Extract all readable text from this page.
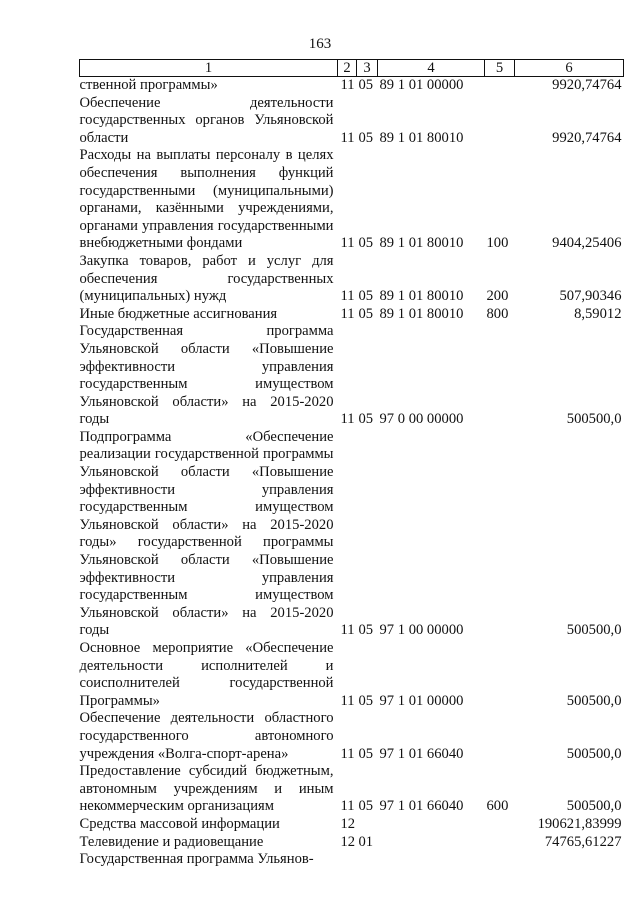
163
1	2	3	4	5	6
ственной программы»	11	05	89 1 01 00000		9920,74764
Обеспечение деятельности государственных органов Ульяновской области	11	05	89 1 01 80010		9920,74764
Расходы на выплаты персоналу в целях обеспечения выполнения функций государственными (муниципальными) органами, казёнными учреждениями, органами управления государственными внебюджетными фондами	11	05	89 1 01 80010	100	9404,25406
Закупка товаров, работ и услуг для обеспечения государственных (муниципальных) нужд	11	05	89 1 01 80010	200	507,90346
Иные бюджетные ассигнования	11	05	89 1 01 80010	800	8,59012
Государственная программа Ульяновской области «Повышение эффективности управления государственным имуществом Ульяновской области» на 2015-2020 годы	11	05	97 0 00 00000		500500,0
Подпрограмма «Обеспечение реализации государственной программы Ульяновской области «Повышение эффективности управления государственным имуществом Ульяновской области» на 2015-2020 годы» государственной программы Ульяновской области «Повышение эффективности управления государственным имуществом Ульяновской области» на 2015-2020 годы	11	05	97 1 00 00000		500500,0
Основное мероприятие «Обеспечение деятельности исполнителей и соисполнителей государственной Программы»	11	05	97 1 01 00000		500500,0
Обеспечение деятельности областного государственного автономного учреждения «Волга-спорт-арена»	11	05	97 1 01 66040		500500,0
Предоставление субсидий бюджетным, автономным учреждениям и иным некоммерческим организациям	11	05	97 1 01 66040	600	500500,0
Средства массовой информации	12				190621,83999
Телевидение и радиовещание	12	01			74765,61227
Государственная программа Ульянов-					
